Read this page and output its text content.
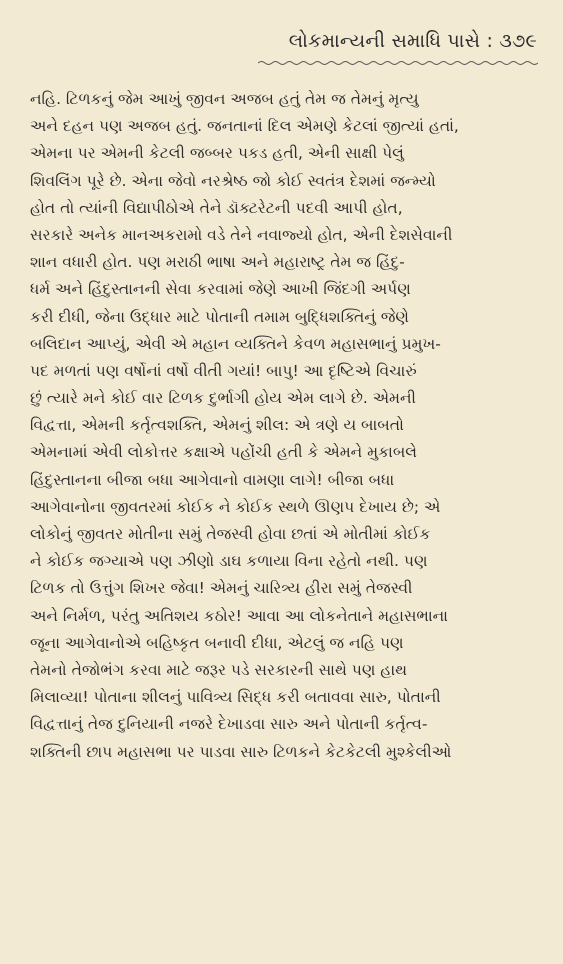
લોકમાન્યની સમાધિ પાસે : ૩૭૯
નહિ. ટિળકનું જેમ આખું જીવન અજબ હતું તેમ જ તેમનું મૃત્યુ
અને દહન પણ અજબ હતું. જનતાનાં દિલ એમણે કેટલાં જીત્યાં હતાં,
એમના પર એમની કેટલી જબ્બર પકડ હતી, એની સાક્ષી પેલું
શિવલિંગ પૂરે છે. એના જેવો નરશ્રેષ્ઠ જો કોઈ સ્વતંત્ર દેશમાં જન્મ્યો
હોત તો ત્યાંની વિદ્યાપીઠોએ તેને ડૉક્ટરેટની પદવી આપી હોત,
સરકારે અનેક માનઅકરામો વડે તેને નવાજ્યો હોત, એની દેશસેવાની
શાન વધારી હોત. પણ મરાઠી ભાષા અને મહારાષ્ટ્ર તેમ જ હિંદુ-
ધર્મ અને હિંદુસ્તાનની સેવા કરવામાં જેણે આખી જિંદગી અર્પણ
કરી દીધી, જેના ઉદ્ધાર માટે પોતાની તમામ બુદ્ધિશક્તિનું જેણે
બલિદાન આપ્યું, એવી એ મહાન વ્યક્તિને કેવળ મહાસભાનું પ્રમુખ-
પદ મળતાં પણ વર્ષોનાં વર્ષો વીતી ગયાં! બાપુ! આ દૃષ્ટિએ વિચારું
છું ત્યારે મને કોઈ વાર ટિળક દુર્ભાગી હોય એમ લાગે છે. એમની
વિદ્વત્તા, એમની કર્તૃત્વશક્તિ, એમનું શીલ: એ ત્રણે ય બાબતો
એમનામાં એવી લોકોત્તર કક્ષાએ પહોંચી હતી કે એમને મુકાબલે
હિંદુસ્તાનના બીજા બધા આગેવાનો વામણા લાગે! બીજા બધા
આગેવાનોના જીવતરમાં કોઈક ને કોઈક સ્થળે ઊણપ દેખાય છે; એ
લોકોનું જીવતર મોતીના સમું તેજસ્વી હોવા છતાં એ મોતીમાં કોઈક
ને કોઈક જગ્યાએ પણ ઝીણો ડાઘ કળાયા વિના રહેતો નથી. પણ
ટિળક તો ઉત્તુંગ શિખર જેવા! એમનું ચારિત્ર્ય હીરા સમું તેજસ્વી
અને નિર્મળ, પરંતુ અતિશય કઠોર! આવા આ લોકનેતાને મહાસભાના
જૂના આગેવાનોએ બહિષ્કૃત બનાવી દીધા, એટલું જ નહિ પણ
તેમનો તેજોભંગ કરવા માટે જરૂર પડે સરકારની સાથે પણ હાથ
મિલાવ્યા! પોતાના શીલનું પાવિત્ર્ય સિદ્ધ કરી બતાવવા સારુ, પોતાની
વિદ્વત્તાનું તેજ દુનિયાની નજરે દેખાડવા સારુ અને પોતાની કર્તૃત્વ-
શક્તિની છાપ મહાસભા પર પાડવા સારુ ટિળકને કેટકેટલી મુશ્કેલીઓ
